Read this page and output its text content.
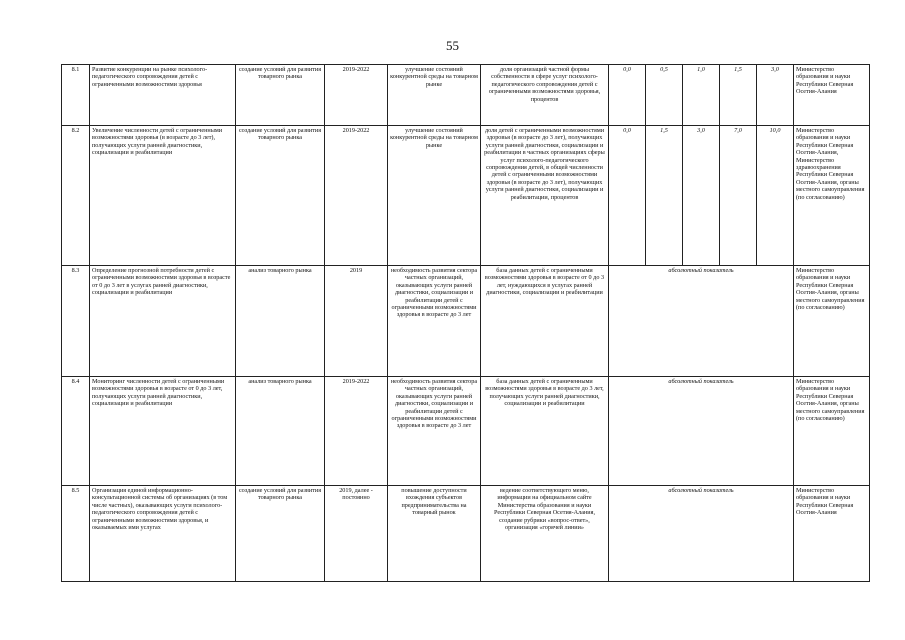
55
8.1	Развитие конкуренции на рынке психолого-педагогического сопровождения детей с ограниченными возможностями здоровья	создание условий для развития товарного рынка	2019-2022	улучшение состояний конкурентной среды на товарном рынке	доля организаций частной формы собственности в сфере услуг психолого-педагогического сопровождения детей с ограниченными возможностями здоровья, процентов	0,0	0,5	1,0	1,5	3,0	Министерство образования и науки Республики Северная Осетия-Алания
8.2	Увеличение численности детей с ограниченными возможностями здоровья (в возрасте до 3 лет), получающих услуги ранней диагностики, социализации и реабилитации	создание условий для развития товарного рынка	2019-2022	улучшение состояний конкурентной среды на товарном рынке	доля детей с ограниченными возможностями здоровья (в возрасте до 3 лет), получающих услуги ранней диагностики, социализации и реабилитации в частных организациях сферы услуг психолого-педагогического сопровождения детей, в общей численности детей с ограниченными возможностями здоровья (в возрасте до 3 лет), получающих услуги ранней диагностики, социализации и реабилитации, процентов	0,0	1,5	3,0	7,0	10,0	Министерство образования и науки Республики Северная Осетия-Алания, Министерство здравоохранения Республики Северная Осетия-Алания, органы местного самоуправления (по согласованию)
8.3	Определение прогнозной потребности детей с ограниченными возможностями здоровья в возрасте от 0 до 3 лет в услугах ранней диагностики, социализации и реабилитации	анализ товарного рынка	2019	необходимость развития сектора частных организаций, оказывающих услуги ранней диагностики, социализации и реабилитации детей с ограниченными возможностями здоровья в возрасте до 3 лет	база данных детей с ограниченными возможностями здоровья в возрасте от 0 до 3 лет, нуждающихся в услугах ранней диагностики, социализации и реабилитации	абсолютный показатель					Министерство образования и науки Республики Северная Осетия-Алания, органы местного самоуправления (по согласованию)
8.4	Мониторинг численности детей с ограниченными возможностями здоровья в возрасте от 0 до 3 лет, получающих услуги ранней диагностики, социализации и реабилитации	анализ товарного рынка	2019-2022	необходимость развития сектора частных организаций, оказывающих услуги ранней диагностики, социализации и реабилитации детей с ограниченными возможностями здоровья в возрасте до 3 лет	база данных детей с ограниченными возможностями здоровья в возрасте до 3 лет, получающих услуги ранней диагностики, социализации и реабилитации	абсолютный показатель					Министерство образования и науки Республики Северная Осетия-Алания, органы местного самоуправления (по согласованию)
8.5	Организация единой информационно-консультационной системы об организациях (в том числе частных), оказывающих услуги психолого-педагогического сопровождения детей с ограниченными возможностями здоровья, и оказываемых ими услугах	создание условий для развития товарного рынка	2019, далее - постоянно	повышение доступности вхождения субъектов предпринимательства на товарный рынок	ведение соответствующего меню, информации на официальном сайте Министерства образования и науки Республики Северная Осетия-Алания, создание рубрики «вопрос-ответ», организация «горячей линии»	абсолютный показатель					Министерство образования и науки Республики Северная Осетия-Алания
